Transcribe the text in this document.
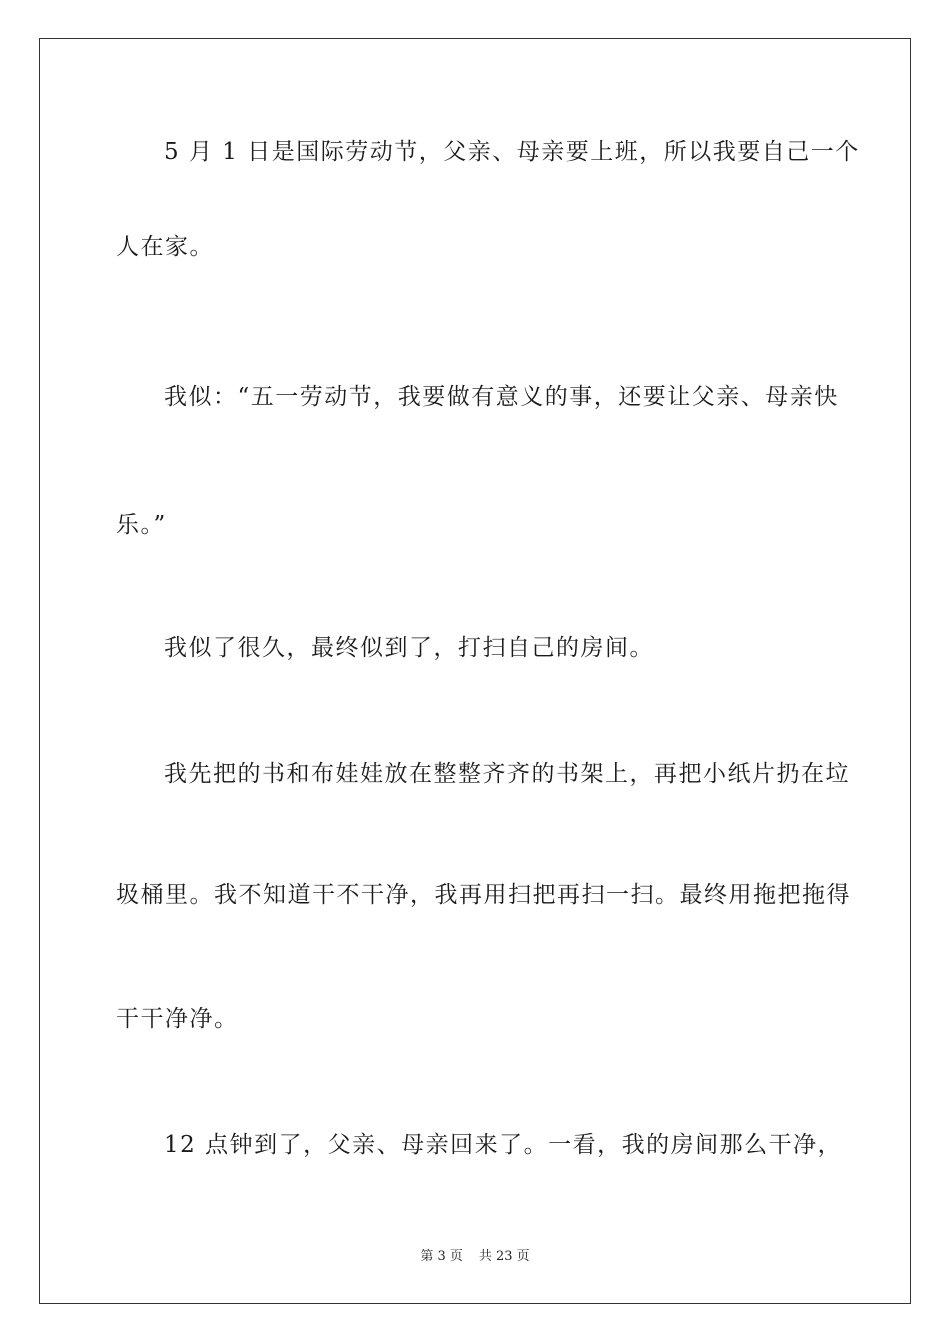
5 月 1 日是国际劳动节，父亲、母亲要上班，所以我要自己一个
人在家。
我似：“五一劳动节，我要做有意义的事，还要让父亲、母亲快
乐。”
我似了很久，最终似到了，打扫自己的房间。
我先把的书和布娃娃放在整整齐齐的书架上，再把小纸片扔在垃
圾桶里。我不知道干不干净，我再用扫把再扫一扫。最终用拖把拖得
干干净净。
12 点钟到了，父亲、母亲回来了。一看，我的房间那么干净，
第 3 页 共 23 页
